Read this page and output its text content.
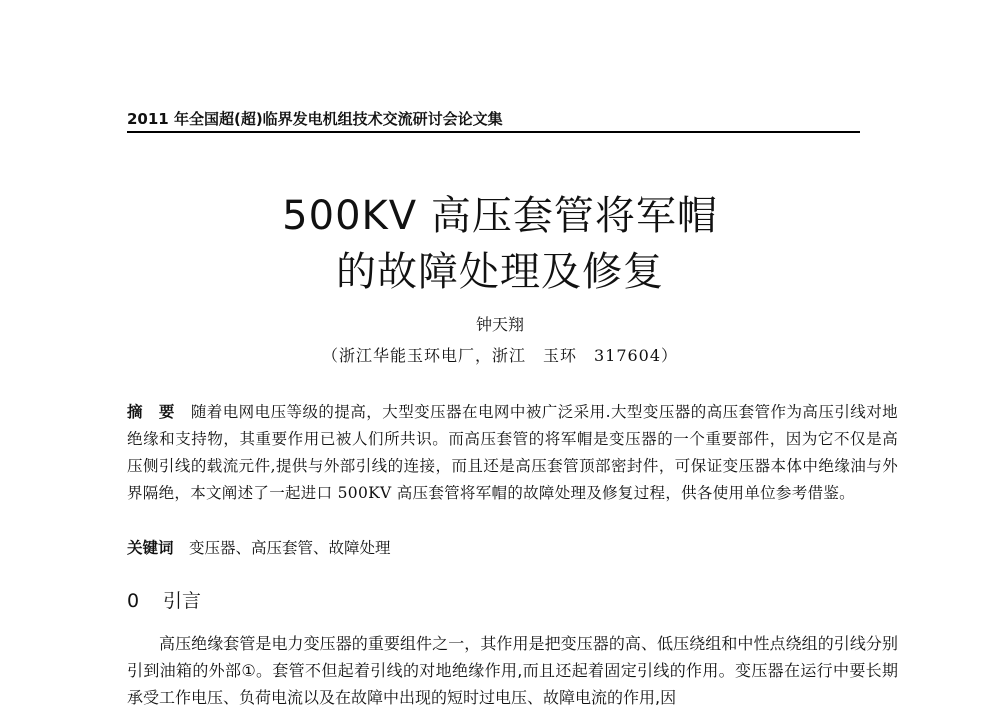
2011 年全国超(超)临界发电机组技术交流研讨会论文集
500KV 高压套管将军帽
的故障处理及修复
钟天翔
（浙江华能玉环电厂，浙江　玉环　317604）
摘　要　 随着电网电压等级的提高，大型变压器在电网中被广泛采用.大型变压器的高压套管作为高压引线对地绝缘和支持物，其重要作用已被人们所共识。而高压套管的将军帽是变压器的一个重要部件，因为它不仅是高压侧引线的载流元件,提供与外部引线的连接，而且还是高压套管顶部密封件，可保证变压器本体中绝缘油与外界隔绝，本文阐述了一起进口 500KV 高压套管将军帽的故障处理及修复过程，供各使用单位参考借鉴。
关键词　 变压器、高压套管、故障处理
0 引言
高压绝缘套管是电力变压器的重要组件之一，其作用是把变压器的高、低压绕组和中性点绕组的引线分别引到油箱的外部①。套管不但起着引线的对地绝缘作用,而且还起着固定引线的作用。变压器在运行中要长期承受工作电压、负荷电流以及在故障中出现的短时过电压、故障电流的作用,因
